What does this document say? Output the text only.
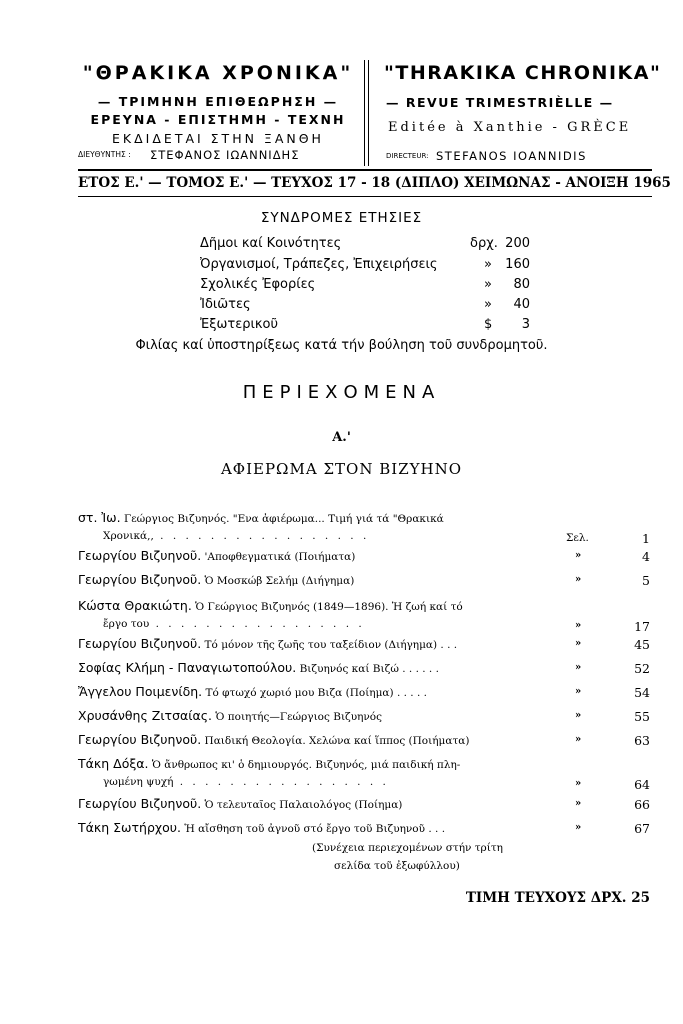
"ΘΡΑΚΙΚΑ ΧΡΟΝΙΚΑ"
— ΤΡΙΜΗΝΗ ΕΠΙΘΕΩΡΗΣΗ —
ΕΡΕΥΝΑ - ΕΠΙΣΤΗΜΗ - ΤΕΧΝΗ
ΕΚΔΙΔΕΤΑΙ ΣΤΗΝ ΞΑΝΘΗ
ΔΙΕΥΘΥΝΤΗΣ : ΣΤΕΦΑΝΟΣ ΙΩΑΝΝΙΔΗΣ
"THRAKIKA CHRONIKA"
— REVUE TRIMESTRIÈLLE —
Editée à Xanthie - GRÈCE
DIRECTEUR: STEFANOS IOANNIDIS
ΕΤΟΣ Ε.' — ΤΟΜΟΣ Ε.' — ΤΕΥΧΟΣ 17 - 18 (ΔΙΠΛΟ) ΧΕΙΜΩΝΑΣ - ΑΝΟΙΞΗ 1965
ΣΥΝΔΡΟΜΕΣ ΕΤΗΣΙΕΣ
Δῆμοι καί Κοινότητες	δρχ. 200
Ὀργανισμοί, Τράπεζες, Ἐπιχειρήσεις	» 160
Σχολικές Ἐφορίες	» 80
Ἰδιῶτες	» 40
Ἐξωτερικοῦ	$ 3
Φιλίας καί ὑποστηρίξεως κατά τήν βούληση τοῦ συνδρομητοῦ.
ΠΕΡΙΕΧΟΜΕΝΑ
Α.'
ΑΦΙΕΡΩΜΑ ΣΤΟΝ ΒΙΖΥΗΝΟ
στ. Ἰω. Γεώργιος Βιζυηνός. "Ενα ἀφιέρωμα... Τιμή γιά τά "Θρακικά
Χρονικά,, . . . . . . . . . . . . . . . . .	Σελ.	1
Γεωργίου Βιζυηνοῦ. 'Αποφθεγματικά (Ποιήματα)	»	4
Γεωργίου Βιζυηνοῦ. Ὁ Μοσκώβ Σελήμ (Διήγημα)	»	5
Κώστα Θρακιώτη. Ὁ Γεώργιος Βιζυηνός (1849—1896). Ἡ ζωή καί τό
ἔργο του . . . . . . . . . . . . . . . . .	»	17
Γεωργίου Βιζυηνοῦ. Τό μόνον τῆς ζωῆς του ταξείδιον (Διήγημα) . . .	»	45
Σοφίας Κλήμη - Παναγιωτοπούλου. Βιζυηνός καί Βιζώ . . . . . .	»	52
Ἄγγελου Ποιμενίδη. Τό φτωχό χωριό μου Βιζα (Ποίημα) . . . . .	»	54
Χρυσάνθης Ζιτσαίας. Ὁ ποιητής—Γεώργιος Βιζυηνός	»	55
Γεωργίου Βιζυηνοῦ. Παιδική Θεολογία. Χελώνα καί ἵππος (Ποιήματα)	»	63
Τάκη Δόξα. Ὁ ἄνθρωπος κι' ὁ δημιουργός. Βιζυηνός, μιά παιδική πλη-
γωμένη ψυχή . . . . . . . . . . . . . . . . .	»	64
Γεωργίου Βιζυηνοῦ. Ὁ τελευταῖος Παλαιολόγος (Ποίημα)	»	66
Τάκη Σωτήρχου. Ἡ αἴσθηση τοῦ ἀγνοῦ στό ἔργο τοῦ Βιζυηνοῦ . . .	»	67
(Συνέχεια περιεχομένων στήν τρίτη
σελίδα τοῦ ἐξωφύλλου)
ΤΙΜΗ ΤΕΥΧΟΥΣ ΔΡΧ. 25
